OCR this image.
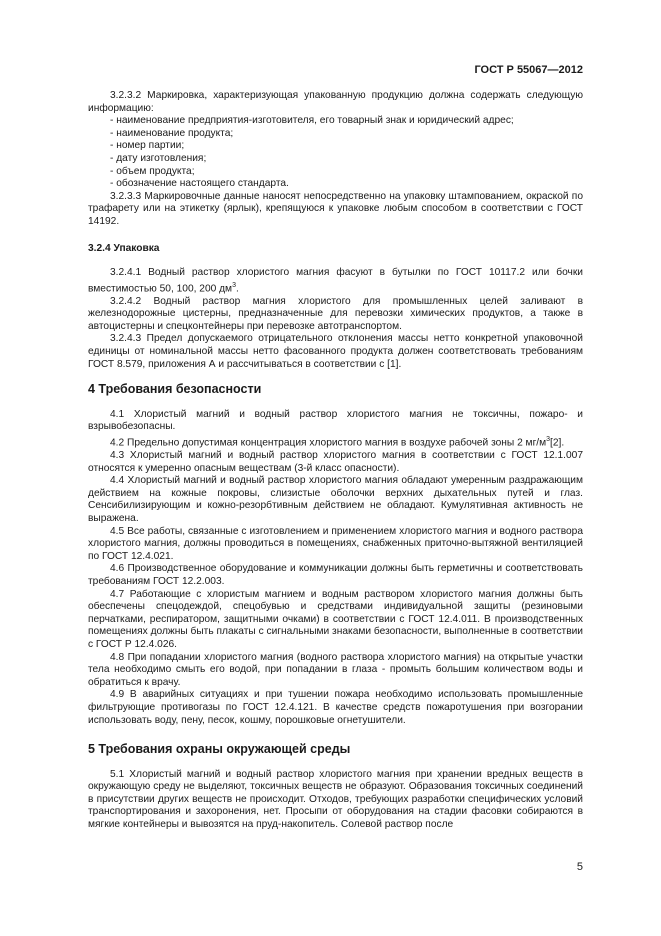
ГОСТ Р 55067—2012

3.2.3.2 Маркировка, характеризующая упакованную продукцию должна содержать следующую информацию:

- наименование предприятия-изготовителя, его товарный знак и юридический адрес;

- наименование продукта;

- номер партии;

- дату изготовления;

- объем продукта;

- обозначение настоящего стандарта.

3.2.3.3 Маркировочные данные наносят непосредственно на упаковку штампованием, окраской по трафарету или на этикетку (ярлык), крепящуюся к упаковке любым способом в соответствии с ГОСТ 14192.

3.2.4 Упаковка

3.2.4.1 Водный раствор хлористого магния фасуют в бутылки по ГОСТ 10117.2 или бочки вместимостью 50, 100, 200 $дм^3$.

3.2.4.2 Водный раствор магния хлористого для промышленных целей заливают в железнодорожные цистерны, предназначенные для перевозки химических продуктов, а также в автоцистерны и спецконтейнеры при перевозке автотранспортом.

3.2.4.3 Предел допускаемого отрицательного отклонения массы нетто конкретной упаковочной единицы от номинальной массы нетто фасованного продукта должен соответствовать требованиям ГОСТ 8.579, приложения А и рассчитываться в соответствии с [1].

4 Требования безопасности

4.1 Хлористый магний и водный раствор хлористого магния не токсичны, пожаро- и взрывобезопасны.

4.2 Предельно допустимая концентрация хлористого магния в воздухе рабочей зоны 2 $мг/м^3[2]$.

4.3 Хлористый магний и водный раствор хлористого магния в соответствии с ГОСТ 12.1.007 относятся к умеренно опасным веществам (3-й класс опасности).

4.4 Хлористый магний и водный раствор хлористого магния обладают умеренным раздражающим действием на кожные покровы, слизистые оболочки верхних дыхательных путей и глаз. Сенсибилизирующим и кожно-резорбтивным действием не обладают. Кумулятивная активность не выражена.

4.5 Все работы, связанные с изготовлением и применением хлористого магния и водного раствора хлористого магния, должны проводиться в помещениях, снабженных приточно-вытяжной вентиляцией по ГОСТ 12.4.021.

4.6 Производственное оборудование и коммуникации должны быть герметичны и соответствовать требованиям ГОСТ 12.2.003.

4.7 Работающие с хлористым магнием и водным раствором хлористого магния должны быть обеспечены спецодеждой, спецобувью и средствами индивидуальной защиты (резиновыми перчатками, респиратором, защитными очками) в соответствии с ГОСТ 12.4.011. В производственных помещениях должны быть плакаты с сигнальными знаками безопасности, выполненные в соответствии с ГОСТ Р 12.4.026.

4.8 При попадании хлористого магния (водного раствора хлористого магния) на открытые участки тела необходимо смыть его водой, при попадании в глаза - промыть большим количеством воды и обратиться к врачу.

4.9 В аварийных ситуациях и при тушении пожара необходимо использовать промышленные фильтрующие противогазы по ГОСТ 12.4.121. В качестве средств пожаротушения при возгорании использовать воду, пену, песок, кошму, порошковые огнетушители.

5 Требования охраны окружающей среды

5.1 Хлористый магний и водный раствор хлористого магния при хранении вредных веществ в окружающую среду не выделяют, токсичных веществ не образуют. Образования токсичных соединений в присутствии других веществ не происходит. Отходов, требующих разработки специфических условий транспортирования и захоронения, нет. Просыпи от оборудования на стадии фасовки собираются в мягкие контейнеры и вывозятся на пруд-накопитель. Солевой раствор после

5
